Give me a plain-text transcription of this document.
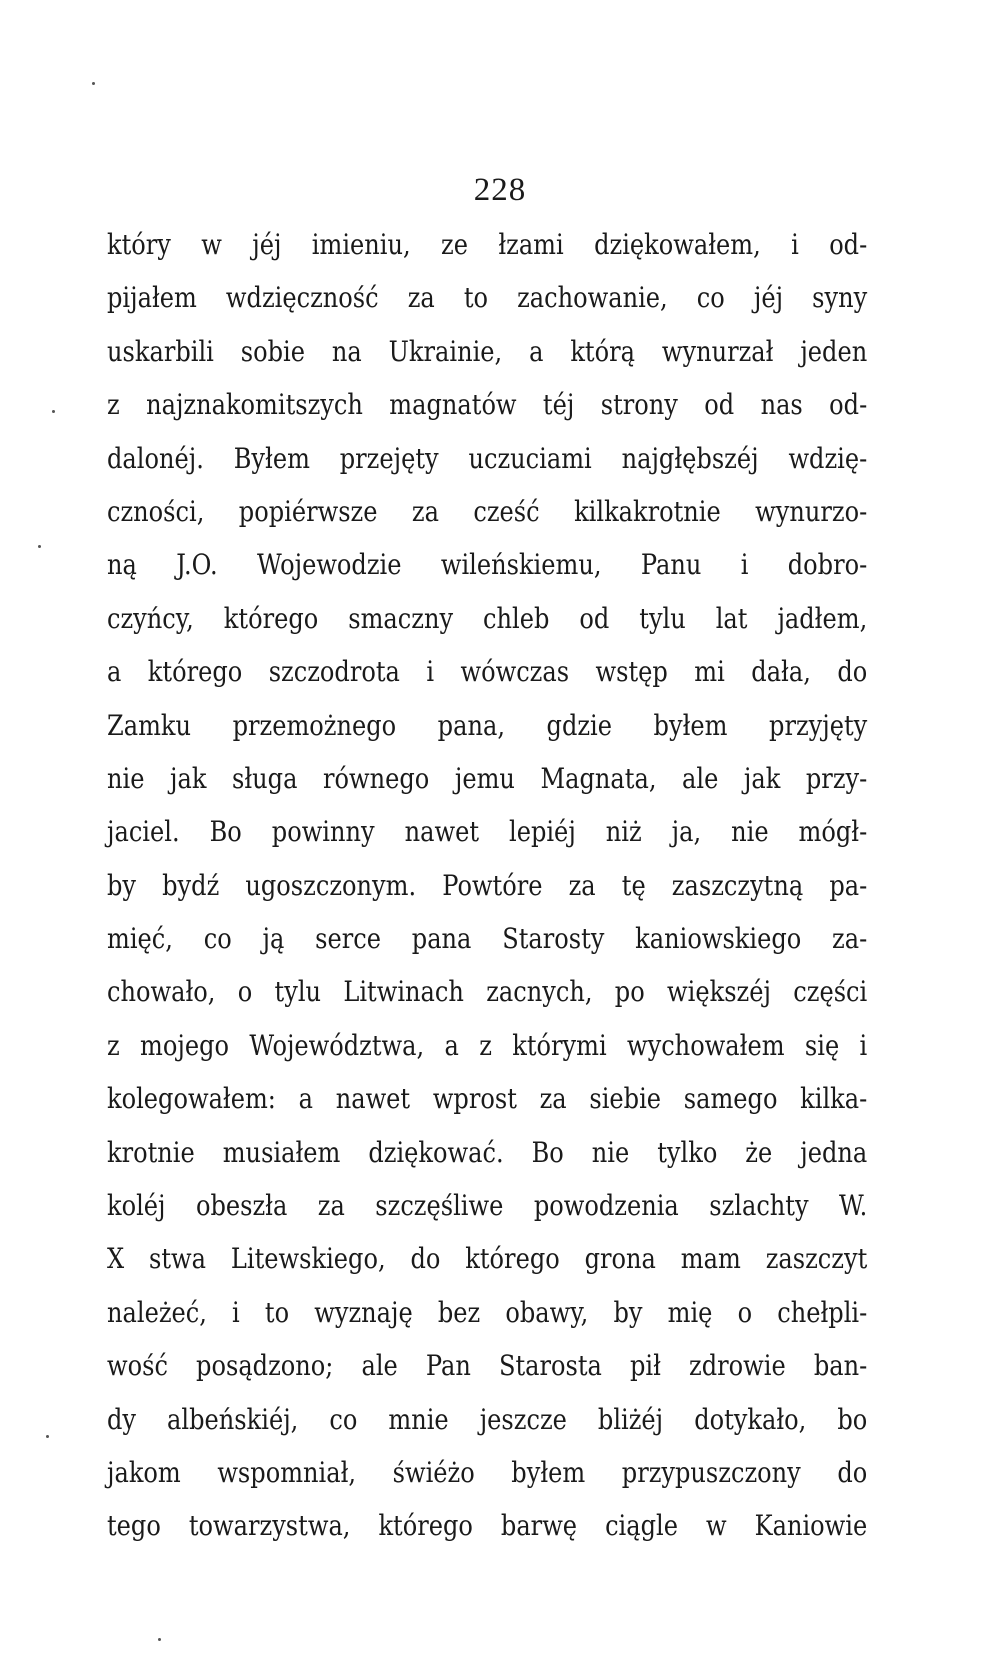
228
który w jéj imieniu, ze łzami dziękowałem, i od-
pijałem wdzięczność za to zachowanie, co jéj syny
uskarbili sobie na Ukrainie, a którą wynurzał jeden
z najznakomitszych magnatów téj strony od nas od-
dalonéj. Byłem przejęty uczuciami najgłębszéj wdzię-
czności, popiérwsze za cześć kilkakrotnie wynurzo-
ną J.O. Wojewodzie wileńskiemu, Panu i dobro-
czyńcy, którego smaczny chleb od tylu lat jadłem,
a którego szczodrota i wówczas wstęp mi dała, do
Zamku przemożnego pana, gdzie byłem przyjęty
nie jak sługa równego jemu Magnata, ale jak przy-
jaciel. Bo powinny nawet lepiéj niż ja, nie mógł-
by bydź ugoszczonym. Powtóre za tę zaszczytną pa-
mięć, co ją serce pana Starosty kaniowskiego za-
chowało, o tylu Litwinach zacnych, po większéj części
z mojego Województwa, a z którymi wychowałem się i
kolegowałem: a nawet wprost za siebie samego kilka-
krotnie musiałem dziękować. Bo nie tylko że jedna
koléj obeszła za szczęśliwe powodzenia szlachty W.
X stwa Litewskiego, do którego grona mam zaszczyt
należeć, i to wyznaję bez obawy, by mię o chełpli-
wość posądzono; ale Pan Starosta pił zdrowie ban-
dy albeńskiéj, co mnie jeszcze bliżéj dotykało, bo
jakom wspomniał, świéżo byłem przypuszczony do
tego towarzystwa, którego barwę ciągle w Kaniowie
